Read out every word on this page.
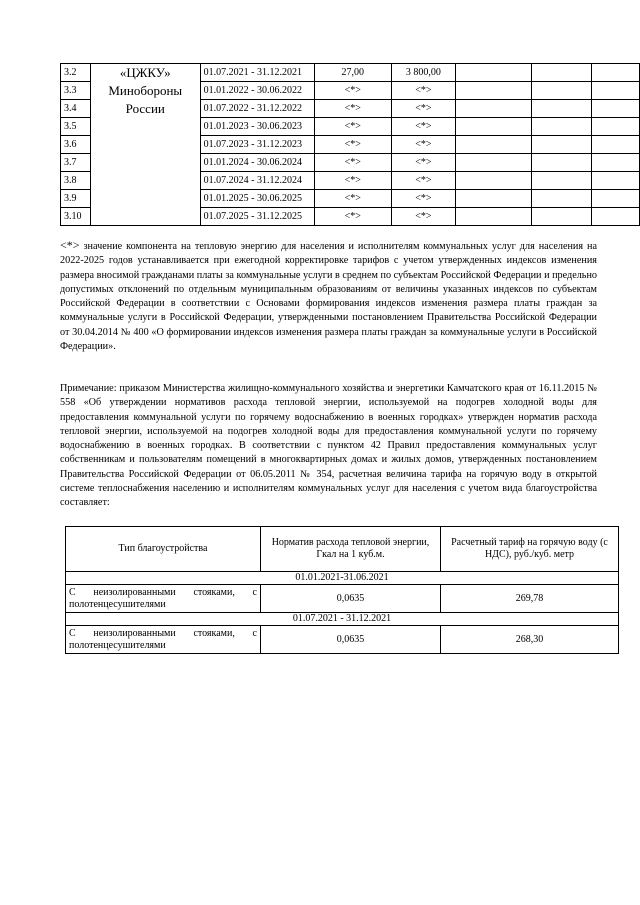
3.2	«ЦЖКУ» Минобороны России	01.07.2021 - 31.12.2021	27,00	3 800,00			
3.3		01.01.2022 - 30.06.2022	<*>	<*>			
3.4		01.07.2022 - 31.12.2022	<*>	<*>			
3.5		01.01.2023 - 30.06.2023	<*>	<*>			
3.6		01.07.2023 - 31.12.2023	<*>	<*>			
3.7		01.01.2024 - 30.06.2024	<*>	<*>			
3.8		01.07.2024 - 31.12.2024	<*>	<*>			
3.9		01.01.2025 - 30.06.2025	<*>	<*>			
3.10		01.07.2025 - 31.12.2025	<*>	<*>			

<*> значение компонента на тепловую энергию для населения и исполнителям коммунальных услуг для населения на 2022-2025 годов устанавливается при ежегодной корректировке тарифов с учетом утвержденных индексов изменения размера вносимой гражданами платы за коммунальные услуги в среднем по субъектам Российской Федерации и предельно допустимых отклонений по отдельным муниципальным образованиям от величины указанных индексов по субъектам Российской Федерации в соответствии с Основами формирования индексов изменения размера платы граждан за коммунальные услуги в Российской Федерации, утвержденными постановлением Правительства Российской Федерации от 30.04.2014 № 400 «О формировании индексов изменения размера платы граждан за коммунальные услуги в Российской Федерации».

Примечание: приказом Министерства жилищно-коммунального хозяйства и энергетики Камчатского края от 16.11.2015 № 558 «Об утверждении нормативов расхода тепловой энергии, используемой на подогрев холодной воды для предоставления коммунальной услуги по горячему водоснабжению в военных городках» утвержден норматив расхода тепловой энергии, используемой на подогрев холодной воды для предоставления коммунальной услуги по горячему водоснабжению в военных городках. В соответствии с пунктом 42 Правил предоставления коммунальных услуг собственникам и пользователям помещений в многоквартирных домах и жилых домов, утвержденных постановлением Правительства Российской Федерации от 06.05.2011 № 354, расчетная величина тарифа на горячую воду в открытой системе теплоснабжения населению и исполнителям коммунальных услуг для населения с учетом вида благоустройства составляет:

Тип благоустройства	Норматив расхода тепловой энергии, Гкал на 1 куб.м.	Расчетный тариф на горячую воду (с НДС), руб./куб. метр
01.01.2021-31.06.2021		
С неизолированными стояками, с полотенцесушителями	0,0635	269,78
01.07.2021 - 31.12.2021		
С неизолированными стояками, с полотенцесушителями	0,0635	268,30
